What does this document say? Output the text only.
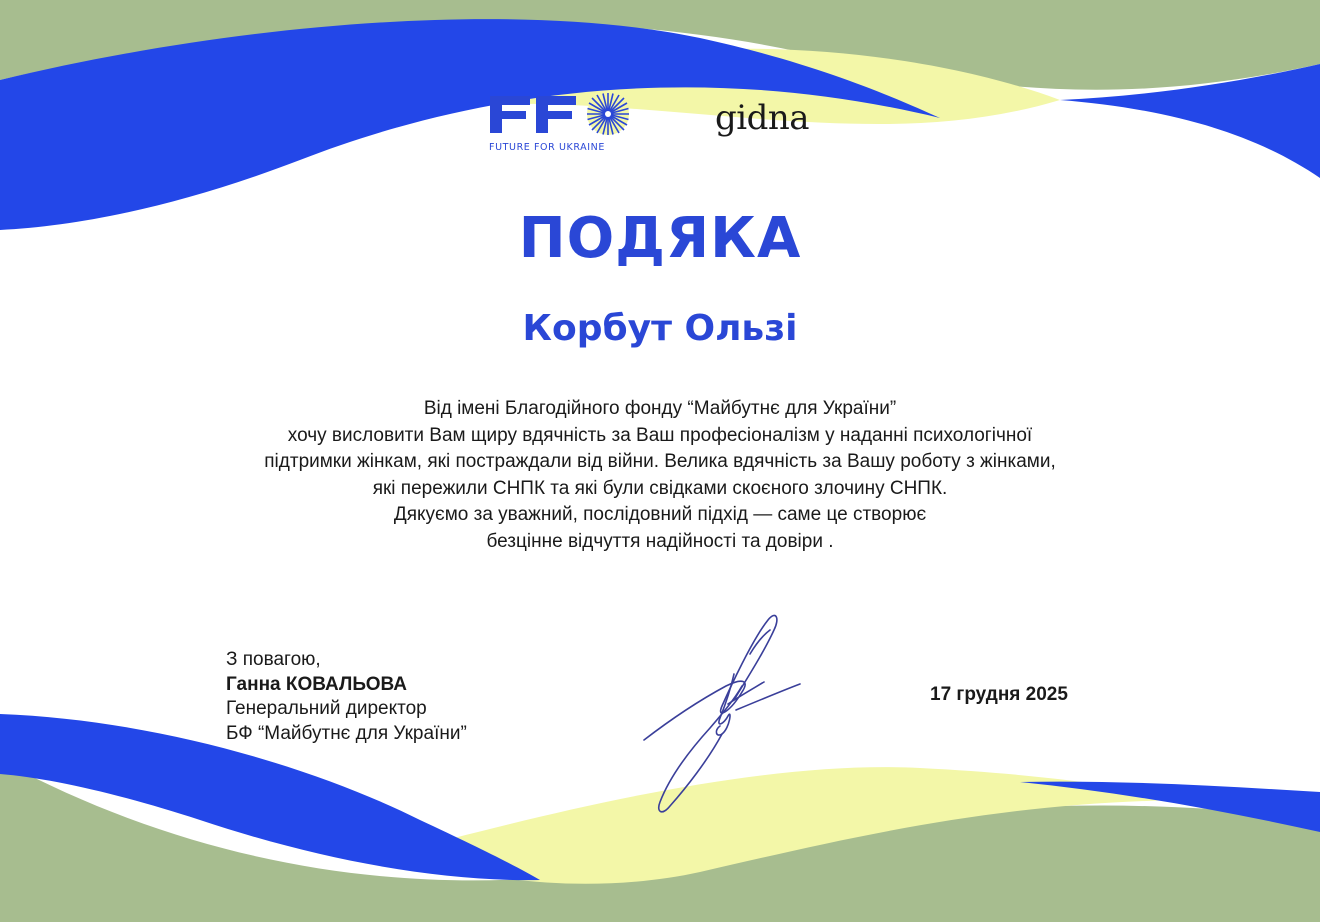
FUTURE FOR UKRAINE

gidna

ПОДЯКА
Корбут Ользі

Від імені Благодійного фонду “Майбутнє для України”

хочу висловити Вам щиру вдячність за Ваш професіоналізм у наданні психологічної

підтримки жінкам, які постраждали від війни. Велика вдячність за Вашу роботу з жінками,

які пережили СНПК та які були свідками скоєного злочину СНПК.

Дякуємо за уважний, послідовний підхід — саме це створює

безцінне відчуття надійності та довіри .

З повагою,

Ганна КОВАЛЬОВА

Генеральний директор

БФ “Майбутнє для України”

17 грудня 2025
